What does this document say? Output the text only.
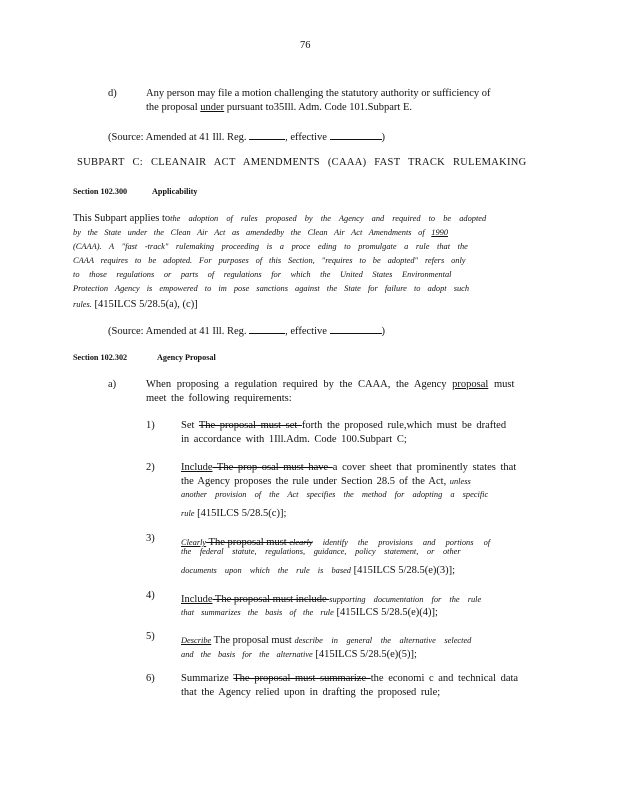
76
d)	Any person may file a motion challenging the statutory authority or sufficiency of
the proposal under pursuant to35Ill. Adm. Code 101.Subpart E.
(Source: Amended at 41 Ill. Reg.	, effective	)
SUBPART C: CLEANAIR ACT AMENDMENTS (CAAA) FAST TRACK RULEMAKING
Section 102.300	Applicability
This Subpart applies tothe adoption of rules proposed by the Agency and required to be adopted
by the State under the Clean Air Act as amendedby the Clean Air Act Amendments of 1990
(CAAA). A "fast -track" rulemaking proceeding is a proce eding to promulgate a rule that the
CAAA requires to be adopted. For purposes of this Section, "requires to be adopted" refers only
to those regulations or parts of regulations for which the United States Environmental
Protection Agency is empowered to im pose sanctions against the State for failure to adopt such
rules. [415ILCS 5/28.5(a), (c)]
(Source: Amended at 41 Ill. Reg.	, effective	)
Section 102.302	Agency Proposal
a)	When proposing a regulation required by the CAAA, the Agency proposal must
meet the following requirements:
1)	Set The proposal must set forth the proposed rule,which must be drafted
in accordance with 1Ill.Adm. Code 100.Subpart C;
2)	Include The prop osal must have a cover sheet that prominently states that
the Agency proposes the rule under Section 28.5 of the Act, unless
another provision of the Act specifies the method for adopting a specific
rule [415ILCS 5/28.5(c)];
3)	Clearly The proposal must clearly identify the provisions and portions of
the federal statute, regulations, guidance, policy statement, or other
documents upon which the rule is based [415ILCS 5/28.5(e)(3)];
4)	Include The proposal must include supporting documentation for the rule
that summarizes the basis of the rule [415ILCS 5/28.5(e)(4)];
5)	Describe The proposal must describe in general the alternative selected
and the basis for the alternative [415ILCS 5/28.5(e)(5)];
6)	Summarize The proposal must summarize the economi c and technical data
that the Agency relied upon in drafting the proposed rule;
